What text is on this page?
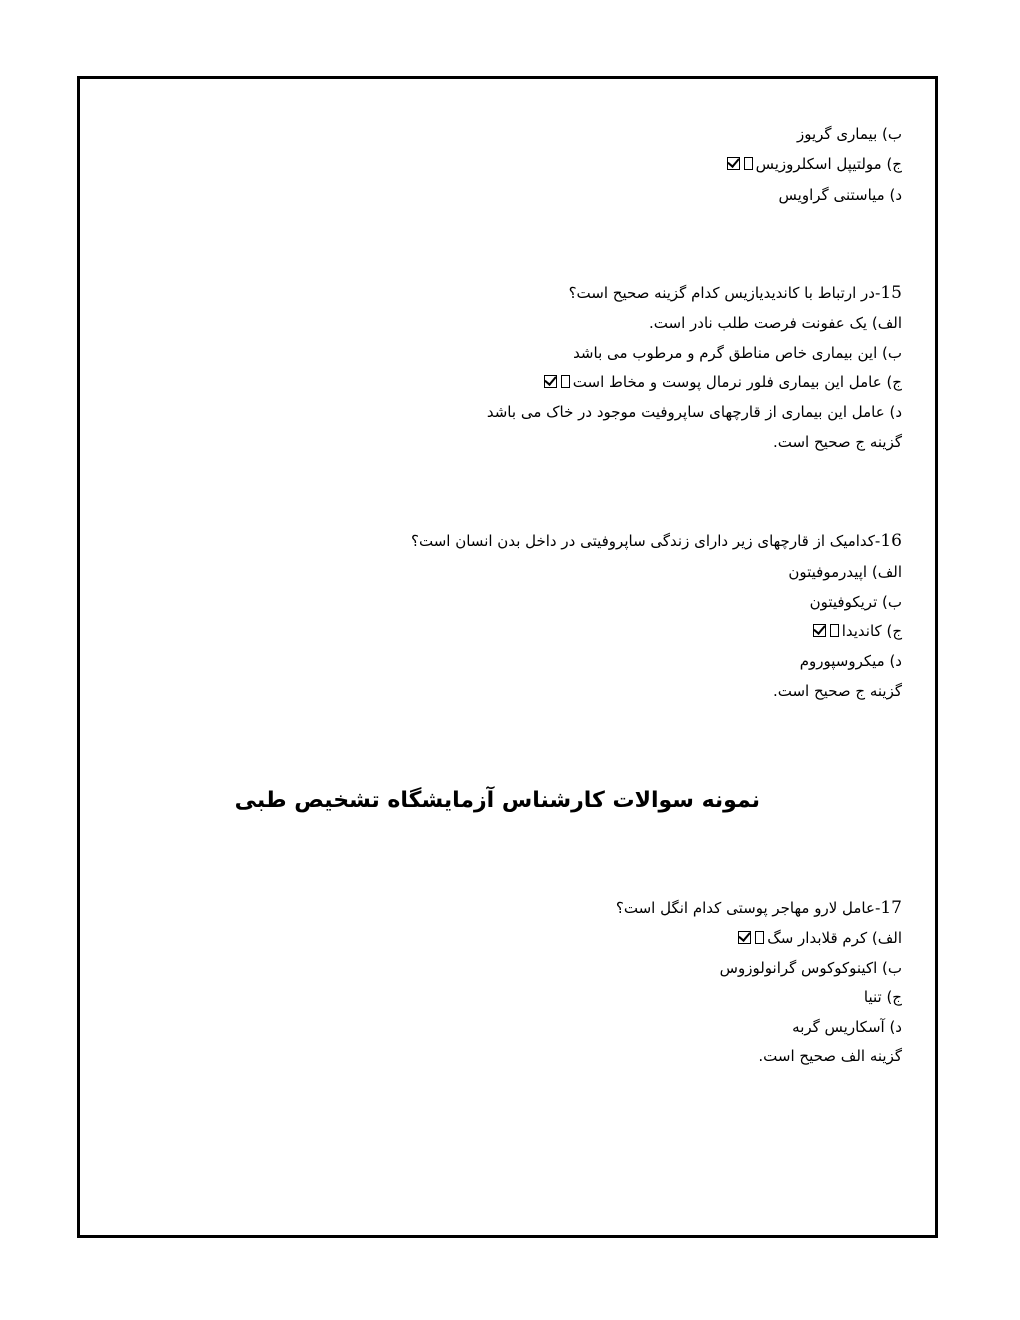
ب) بیماری گریوز
ج) مولتیپل اسکلروزیس
د) میاستنی گراویس
15-در ارتباط با کاندیدیازیس کدام گزینه صحیح است؟
الف) یک عفونت فرصت طلب نادر است.
ب) این بیماری خاص مناطق گرم و مرطوب می باشد
ج) عامل این بیماری فلور نرمال پوست و مخاط است
د) عامل این بیماری از قارچهای ساپروفیت موجود در خاک می باشد
گزینه ج صحیح است.
16-کدامیک از قارچهای زیر دارای زندگی ساپروفیتی در داخل بدن انسان است؟
الف) اپیدرموفیتون
ب) تریکوفیتون
ج) کاندیدا
د) میکروسپوروم
گزینه ج صحیح است.
نمونه سوالات کارشناس آزمایشگاه تشخیص طبی
17-عامل لارو مهاجر پوستی کدام انگل است؟
الف) کرم قلابدار سگ
ب) اکینوکوکوس گرانولوزوس
ج) تنیا
د) آسکاریس گربه
گزینه الف صحیح است.
